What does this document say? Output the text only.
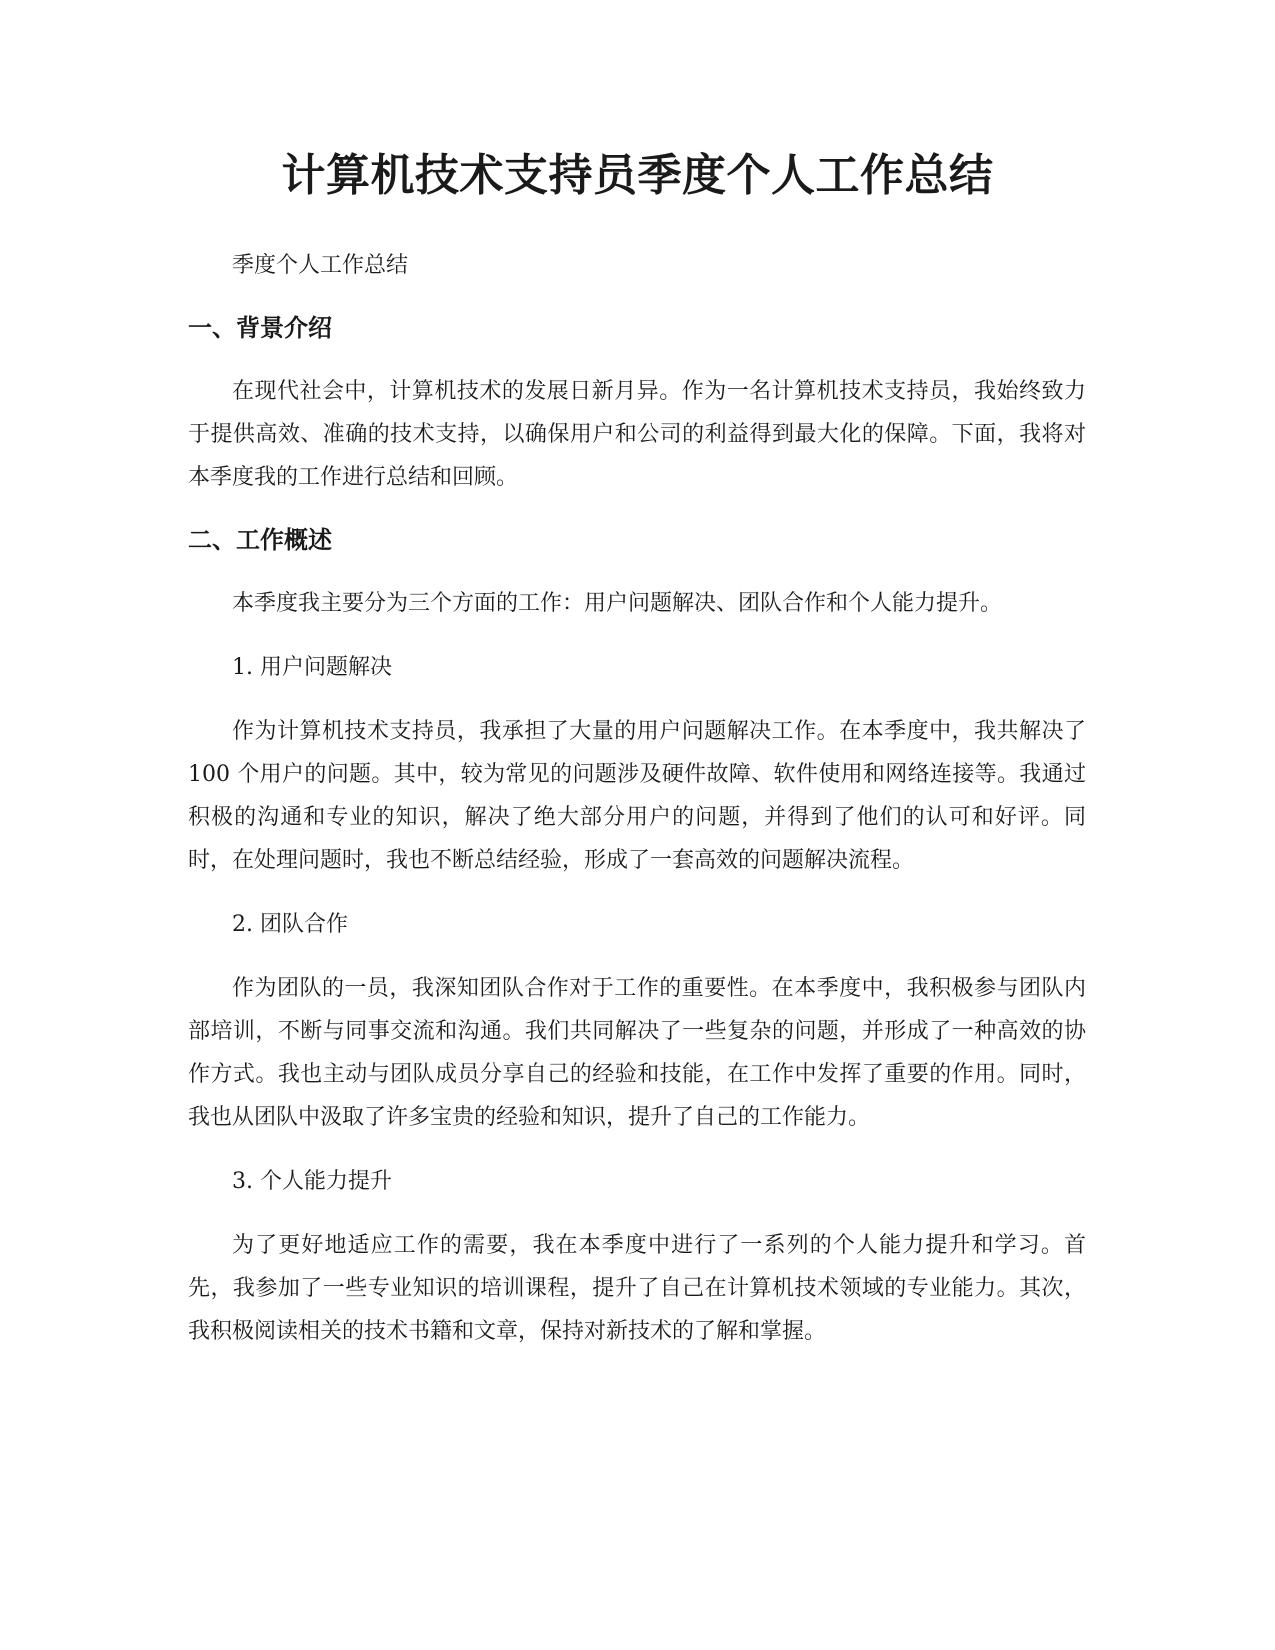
计算机技术支持员季度个人工作总结

季度个人工作总结

一、背景介绍

在现代社会中，计算机技术的发展日新月异。作为一名计算机技术支持员，我始终致力于提供高效、准确的技术支持，以确保用户和公司的利益得到最大化的保障。下面，我将对本季度我的工作进行总结和回顾。

二、工作概述

本季度我主要分为三个方面的工作：用户问题解决、团队合作和个人能力提升。

1. 用户问题解决

作为计算机技术支持员，我承担了大量的用户问题解决工作。在本季度中，我共解决了 100 个用户的问题。其中，较为常见的问题涉及硬件故障、软件使用和网络连接等。我通过积极的沟通和专业的知识，解决了绝大部分用户的问题，并得到了他们的认可和好评。同时，在处理问题时，我也不断总结经验，形成了一套高效的问题解决流程。

2. 团队合作

作为团队的一员，我深知团队合作对于工作的重要性。在本季度中，我积极参与团队内部培训，不断与同事交流和沟通。我们共同解决了一些复杂的问题，并形成了一种高效的协作方式。我也主动与团队成员分享自己的经验和技能，在工作中发挥了重要的作用。同时，我也从团队中汲取了许多宝贵的经验和知识，提升了自己的工作能力。

3. 个人能力提升

为了更好地适应工作的需要，我在本季度中进行了一系列的个人能力提升和学习。首先，我参加了一些专业知识的培训课程，提升了自己在计算机技术领域的专业能力。其次，我积极阅读相关的技术书籍和文章，保持对新技术的了解和掌握。
